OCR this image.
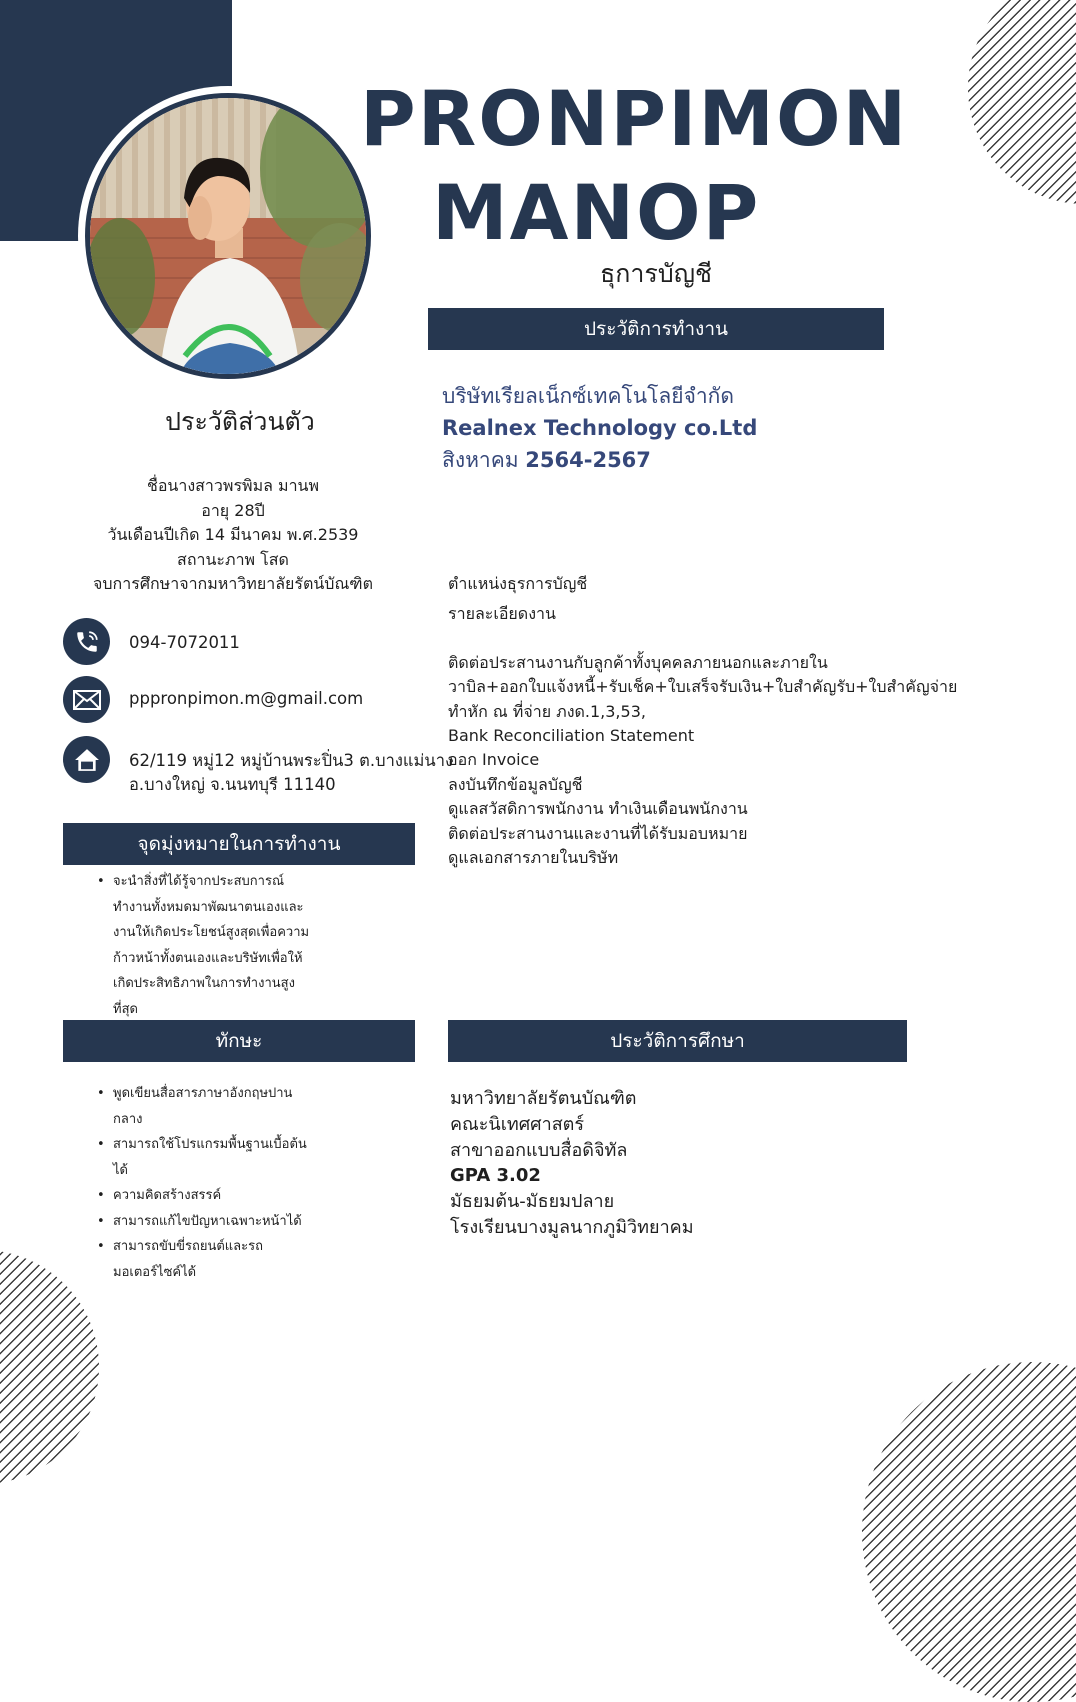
PRONPIMON
MANOP
ธุการบัญชี
ประวัติการทำงาน
บริษัทเรียลเน็กซ์เทคโนโลยีจำกัด
Realnex Technology co.Ltd
สิงหาคม 2564-2567
ตำแหน่งธุรการบัญชี
รายละเอียดงาน
ติดต่อประสานงานกับลูกค้าทั้งบุคคลภายนอกและภายใน
วาบิล+ออกใบแจ้งหนี้+รับเช็ค+ใบเสร็จรับเงิน+ใบสำคัญรับ+ใบสำคัญจ่าย
ทำหัก ณ ที่จ่าย ภงด.1,3,53,
Bank Reconciliation Statement
ออก Invoice
ลงบันทึกข้อมูลบัญชี
ดูแลสวัสดิการพนักงาน ทำเงินเดือนพนักงาน
ติดต่อประสานงานและงานที่ได้รับมอบหมาย
ดูแลเอกสารภายในบริษัท
ประวัติส่วนตัว
ชื่อนางสาวพรพิมล มานพ
อายุ 28ปี
วันเดือนปีเกิด 14 มีนาคม พ.ศ.2539
สถานะภาพ โสด
จบการศึกษาจากมหาวิทยาลัยรัตน์บัณฑิต
094-7072011
pppronpimon.m@gmail.com
62/119 หมู่12 หมู่บ้านพระปิ่น3 ต.บางแม่นาง
อ.บางใหญ่ จ.นนทบุรี 11140
จุดมุ่งหมายในการทำงาน
• จะนำสิ่งที่ได้รู้จากประสบการณ์ทำงานทั้งหมดมาพัฒนาตนเองและงานให้เกิดประโยชน์สูงสุดเพื่อความก้าวหน้าทั้งตนเองและบริษัทเพื่อให้เกิดประสิทธิภาพในการทำงานสูงที่สุด
ทักษะ
• พูดเขียนสื่อสารภาษาอังกฤษปานกลาง
• สามารถใช้โปรแกรมพื้นฐานเบื้อต้นได้
• ความคิดสร้างสรรค์
• สามารถแก้ไขปัญหาเฉพาะหน้าได้
• สามารถขับขี่รถยนต์และรถมอเตอร์ไซค์ได้
ประวัติการศึกษา
มหาวิทยาลัยรัตนบัณฑิต
คณะนิเทศศาสตร์
สาขาออกแบบสื่อดิจิทัล
GPA 3.02
มัธยมต้น-มัธยมปลาย
โรงเรียนบางมูลนากภูมิวิทยาคม
